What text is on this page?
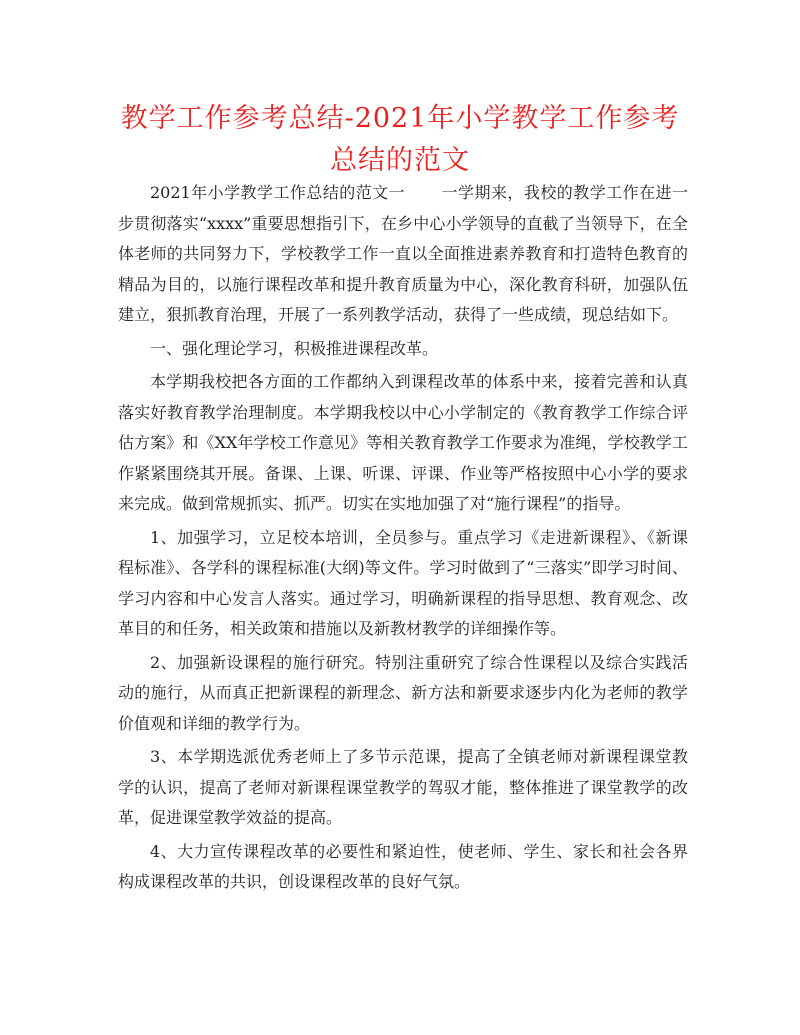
教学工作参考总结-2021年小学教学工作参考总结的范文

2021年小学教学工作总结的范文一 一学期来，我校的教学工作在进一步贯彻落实“xxxx”重要思想指引下，在乡中心小学领导的直截了当领导下，在全体老师的共同努力下，学校教学工作一直以全面推进素养教育和打造特色教育的精品为目的，以施行课程改革和提升教育质量为中心，深化教育科研，加强队伍建立，狠抓教育治理，开展了一系列教学活动，获得了一些成绩，现总结如下。

一、强化理论学习，积极推进课程改革。

本学期我校把各方面的工作都纳入到课程改革的体系中来，接着完善和认真落实好教育教学治理制度。本学期我校以中心小学制定的《教育教学工作综合评估方案》和《XX年学校工作意见》等相关教育教学工作要求为准绳，学校教学工作紧紧围绕其开展。备课、上课、听课、评课、作业等严格按照中心小学的要求来完成。做到常规抓实、抓严。切实在实地加强了对“施行课程”的指导。

1、加强学习，立足校本培训，全员参与。重点学习《走进新课程》、《新课程标准》、各学科的课程标准(大纲)等文件。学习时做到了“三落实”即学习时间、学习内容和中心发言人落实。通过学习，明确新课程的指导思想、教育观念、改革目的和任务，相关政策和措施以及新教材教学的详细操作等。

2、加强新设课程的施行研究。特别注重研究了综合性课程以及综合实践活动的施行，从而真正把新课程的新理念、新方法和新要求逐步内化为老师的教学价值观和详细的教学行为。

3、本学期选派优秀老师上了多节示范课，提高了全镇老师对新课程课堂教学的认识，提高了老师对新课程课堂教学的驾驭才能，整体推进了课堂教学的改革，促进课堂教学效益的提高。

4、大力宣传课程改革的必要性和紧迫性，使老师、学生、家长和社会各界构成课程改革的共识，创设课程改革的良好气氛。
